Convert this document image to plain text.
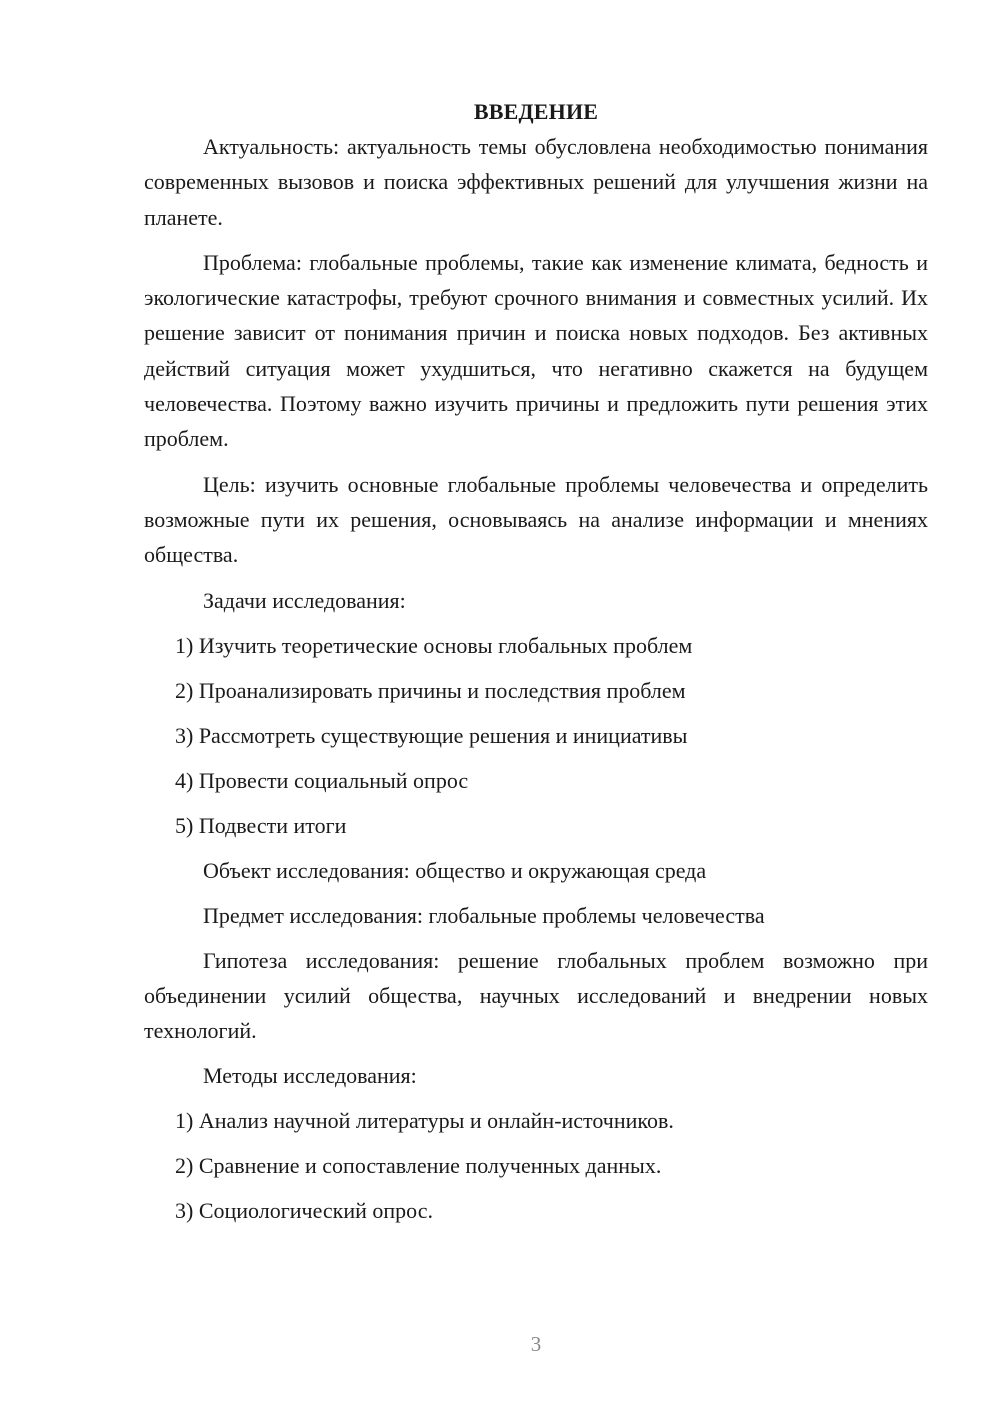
ВВЕДЕНИЕ

Актуальность: актуальность темы обусловлена необходимостью понимания современных вызовов и поиска эффективных решений для улучшения жизни на планете.

Проблема: глобальные проблемы, такие как изменение климата, бедность и экологические катастрофы, требуют срочного внимания и совместных усилий. Их решение зависит от понимания причин и поиска новых подходов. Без активных действий ситуация может ухудшиться, что негативно скажется на будущем человечества. Поэтому важно изучить причины и предложить пути решения этих проблем.

Цель: изучить основные глобальные проблемы человечества и определить возможные пути их решения, основываясь на анализе информации и мнениях общества.

Задачи исследования:

1) Изучить теоретические основы глобальных проблем

2) Проанализировать причины и последствия проблем

3) Рассмотреть существующие решения и инициативы

4) Провести социальный опрос

5) Подвести итоги

Объект исследования: общество и окружающая среда

Предмет исследования: глобальные проблемы человечества

Гипотеза исследования: решение глобальных проблем возможно при объединении усилий общества, научных исследований и внедрении новых технологий.

Методы исследования:

1) Анализ научной литературы и онлайн-источников.

2) Сравнение и сопоставление полученных данных.

3) Социологический опрос.

3
